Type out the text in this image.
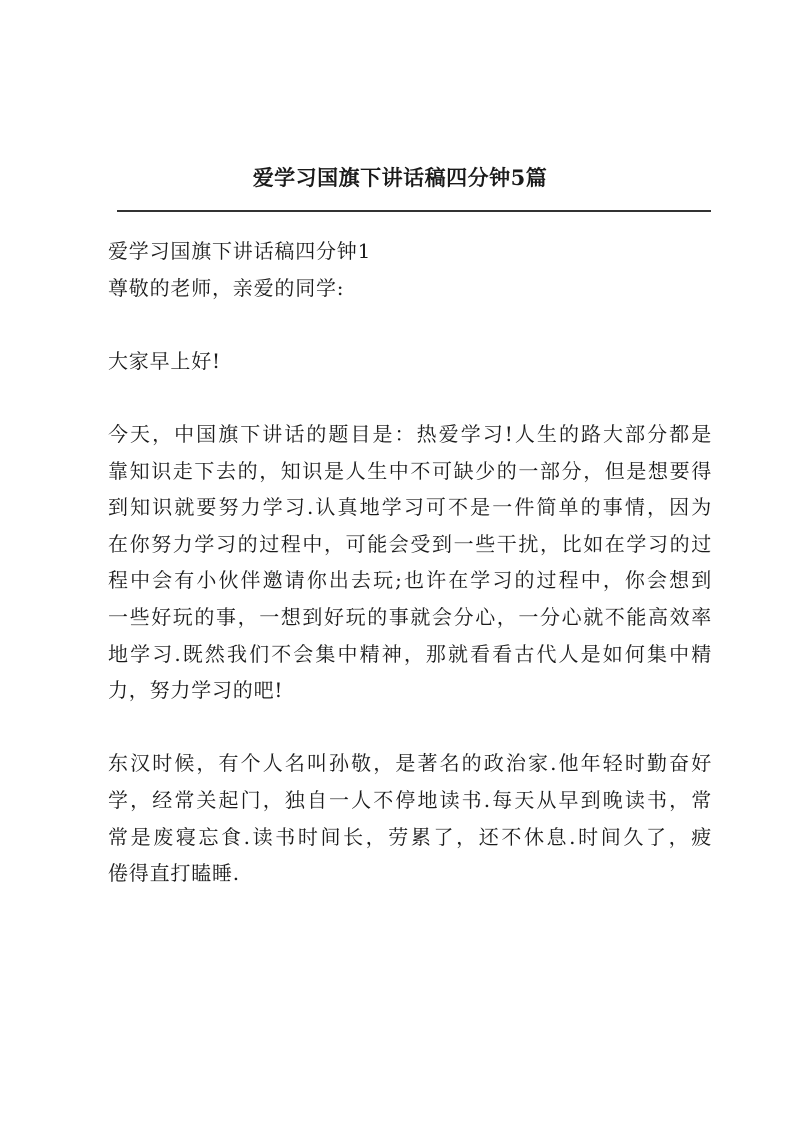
爱学习国旗下讲话稿四分钟5篇
爱学习国旗下讲话稿四分钟1
尊敬的老师，亲爱的同学:
大家早上好!
今天，中国旗下讲话的题目是：热爱学习!人生的路大部分都是
靠知识走下去的，知识是人生中不可缺少的一部分，但是想要得
到知识就要努力学习.认真地学习可不是一件简单的事情，因为
在你努力学习的过程中，可能会受到一些干扰，比如在学习的过
程中会有小伙伴邀请你出去玩;也许在学习的过程中，你会想到
一些好玩的事，一想到好玩的事就会分心，一分心就不能高效率
地学习.既然我们不会集中精神，那就看看古代人是如何集中精
力，努力学习的吧!
东汉时候，有个人名叫孙敬，是著名的政治家.他年轻时勤奋好
学，经常关起门，独自一人不停地读书.每天从早到晚读书，常
常是废寝忘食.读书时间长，劳累了，还不休息.时间久了，疲
倦得直打瞌睡.
